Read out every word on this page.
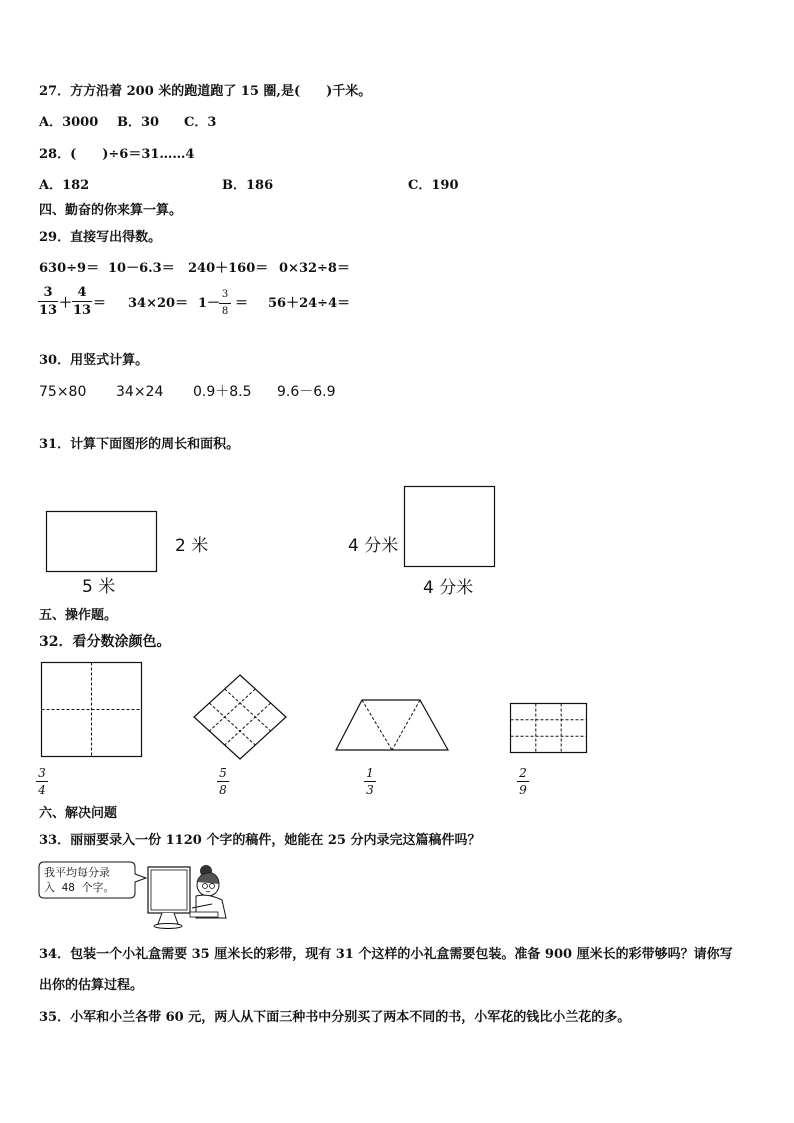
27．方方沿着 200 米的跑道跑了 15 圈,是(　　)千米。
A．3000 B．30 C．3
28．(　　)÷6＝31……4
A．182	B．186	C．190
四、勤奋的你来算一算。
29．直接写出得数。
630÷9＝ 10－6.3＝ 240＋160＝ 0×32÷8＝
3
13 ＋
4
13 ＝ 34×20＝ 1－
3
8
＝ 56＋24÷4＝
30．用竖式计算。
75×80 34×24 0.9＋8.5 9.6－6.9
31．计算下面图形的周长和面积。
5 米
2 米	4 分米
4 分米
五、操作题。
32．看分数涂颜色。
3
4
5
8
1
3
2
9
六、解决问题
33．丽丽要录入一份 1120 个字的稿件，她能在 25 分内录完这篇稿件吗？
我平均每分录
入 48 个字。
34．包装一个小礼盒需要 35 厘米长的彩带，现有 31 个这样的小礼盒需要包装。准备 900 厘米长的彩带够吗？请你写
出你的估算过程。
35．小军和小兰各带 60 元，两人从下面三种书中分别买了两本不同的书，小军花的钱比小兰花的多。
